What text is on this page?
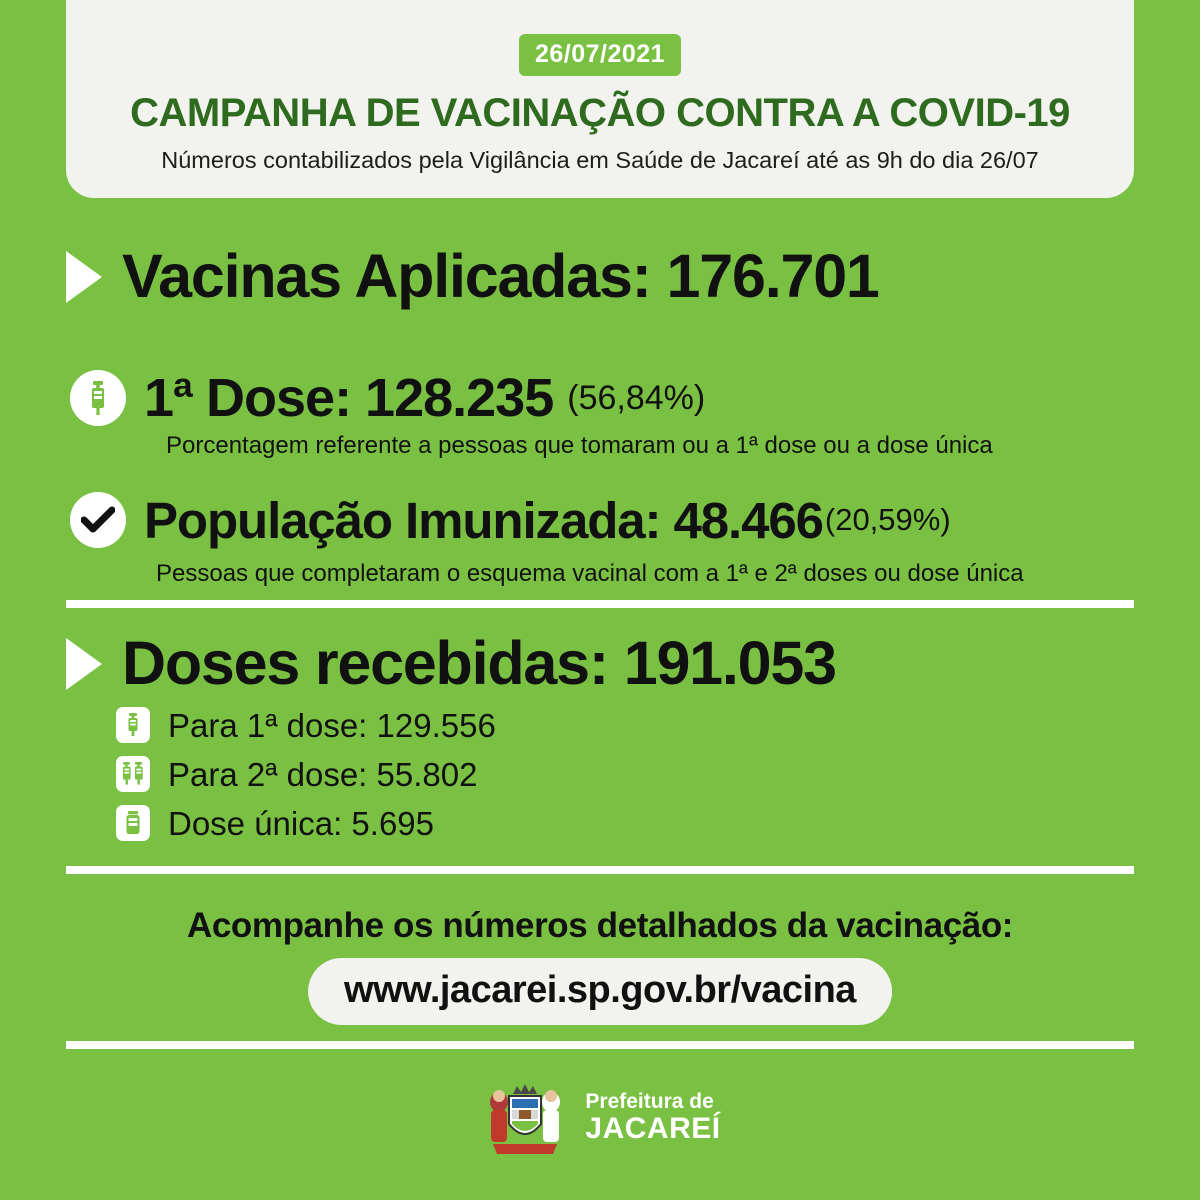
26/07/2021
CAMPANHA DE VACINAÇÃO CONTRA A COVID-19
Números contabilizados pela Vigilância em Saúde de Jacareí até as 9h do dia 26/07
Vacinas Aplicadas: 176.701
1ª Dose: 128.235 (56,84%)
Porcentagem referente a pessoas que tomaram ou a 1ª dose ou a dose única
População Imunizada: 48.466 (20,59%)
Pessoas que completaram o esquema vacinal com a 1ª e 2ª doses ou dose única
Doses recebidas: 191.053
Para 1ª dose: 129.556
Para 2ª dose: 55.802
Dose única: 5.695
Acompanhe os números detalhados da vacinação:
www.jacarei.sp.gov.br/vacina
Prefeitura de
JACAREÍ
